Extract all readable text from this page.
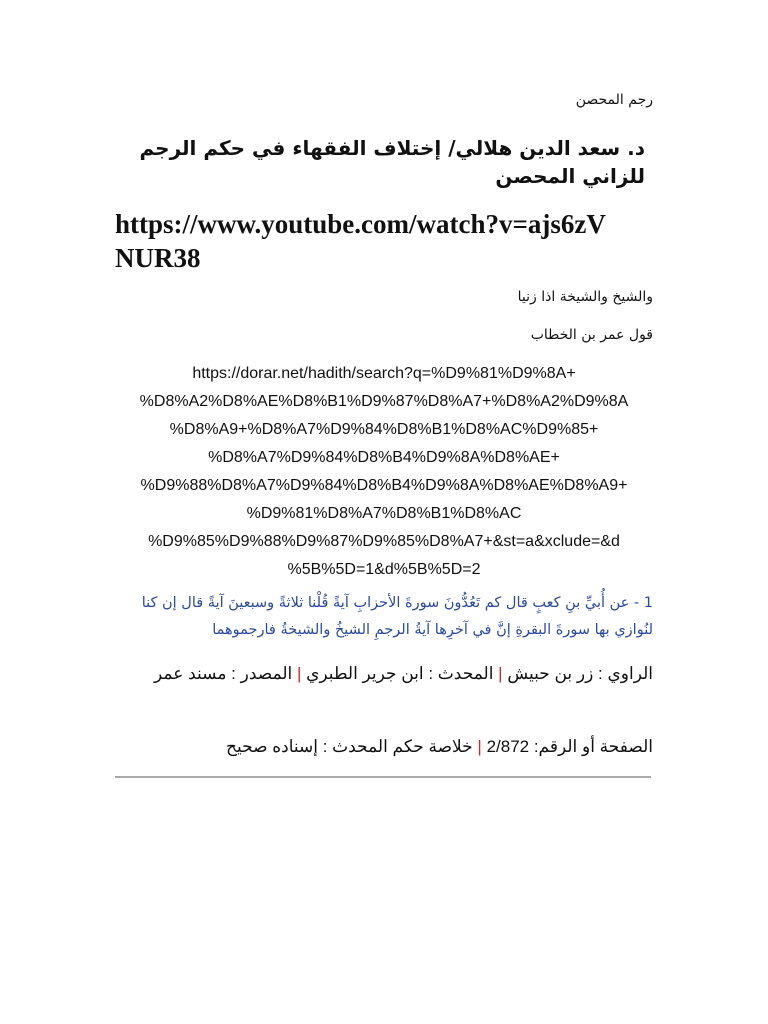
رجم المحصن
د. سعد الدين هلالي/ إختلاف الفقهاء في حكم الرجم للزاني المحصن
https://www.youtube.com/watch?v=ajs6zVNUR38
والشيخ والشيخة اذا زنيا
قول عمر بن الخطاب
https://dorar.net/hadith/search?q=%D9%81%D9%8A+
%D8%A2%D8%AE%D8%B1%D9%87%D8%A7+%D8%A2%D9%8A
%D8%A9+%D8%A7%D9%84%D8%B1%D8%AC%D9%85+
%D8%A7%D9%84%D8%B4%D9%8A%D8%AE+
%D9%88%D8%A7%D9%84%D8%B4%D9%8A%D8%AE%D8%A9+
%D9%81%D8%A7%D8%B1%D8%AC
%D9%85%D9%88%D9%87%D9%85%D8%A7+&st=a&xclude=&d
%5B%5D=1&d%5B%5D=2
1 - عن أُبيِّ بنِ كعبٍ قال كم تَعُدُّونَ سورةَ الأحزابِ آيةً قُلْنا ثلاثةً وسبعينَ آيةً قال إن كنا لنُوازي بها سورةَ البقرةِ إنَّ في آخرِها آيةُ الرجمِ الشيخُ والشيخةُ فارجموهما
الراوي : زر بن حبيش | المحدث : ابن جرير الطبري | المصدر : مسند عمر
الصفحة أو الرقم: 2/872 | خلاصة حكم المحدث : إسناده صحيح
